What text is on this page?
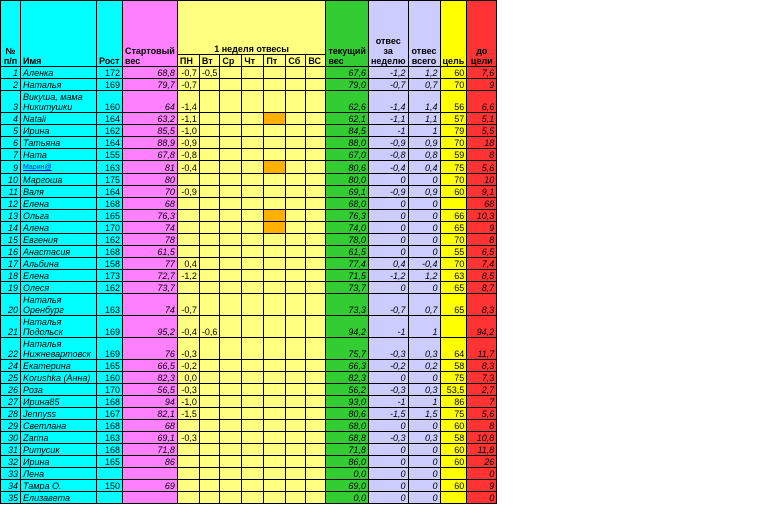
№ п/п	Имя	Рост	Стартовый вес	1 неделя отвесы							текущий вес	отвес за неделю	отвес всего	цель	до цели
				ПН	Вт	Ср	Чт	Пт	Сб	ВС					
1	Аленка	172	68,8	-0,7	-0,5						67,6	-1,2	1,2	60	7,6
2	Наталья	169	79,7	-0,7							79,0	-0,7	0,7	70	9
3	Викуша, мама Никитушки	160	64	-1,4							62,6	-1,4	1,4	56	6,6
4	Natali	164	63,2	-1,1							62,1	-1,1	1,1	57	5,1
5	Ирина	162	85,5	-1,0							84,5	-1	1	79	5,5
6	Татьяна	164	88,9	-0,9							88,0	-0,9	0,9	70	18
7	Ната	155	67,8	-0,8							67,0	-0,8	0,8	59	8
9	Марин@	163	81	-0,4							80,6	-0,4	0,4	75	5,6
10	Маргоша	175	80								80,0	0	0	70	10
11	Валя	164	70	-0,9							69,1	-0,9	0,9	60	9,1
12	Елена	168	68								68,0	0	0		68
13	Ольга	165	76,3								76,3	0	0	66	10,3
14	Алена	170	74								74,0	0	0	65	9
15	Евгения	162	78								78,0	0	0	70	8
16	Анастасия	168	61,5								61,5	0	0	55	6,5
17	Альбина	158	77	0,4							77,4	0,4	-0,4	70	7,4
18	Елена	173	72,7	-1,2							71,5	-1,2	1,2	63	8,5
19	Олеся	162	73,7								73,7	0	0	65	8,7
20	Наталья Оренбург	163	74	-0,7							73,3	-0,7	0,7	65	8,3
21	Наталья Подольск	169	95,2	-0,4	-0,6						94,2	-1	1		94,2
22	Наталья Нижневартовск	169	76	-0,3							75,7	-0,3	0,3	64	11,7
24	Екатерина	165	66,5	-0,2							66,3	-0,2	0,2	58	8,3
25	Korushka (Анна)	160	82,3	0,0							82,3	0	0	75	7,3
26	Роза	170	56,5	-0,3							56,2	-0,3	0,3	53,5	2,7
27	Ирина85	168	94	-1,0							93,0	-1	1	86	7
28	Jennyss	167	82,1	-1,5							80,6	-1,5	1,5	75	5,6
29	Светлана	168	68								68,0	0	0	60	8
30	Zarina	163	69,1	-0,3							68,8	-0,3	0,3	58	10,8
31	Ритусик	168	71,8								71,8	0	0	60	11,8
32	Ирина	165	86								86,0	0	0	60	26
33	Лена										0,0	0	0		0
34	Тамра О.	150	69								69,0	0	0	60	9
35	Елизавета										0,0	0	0		0
